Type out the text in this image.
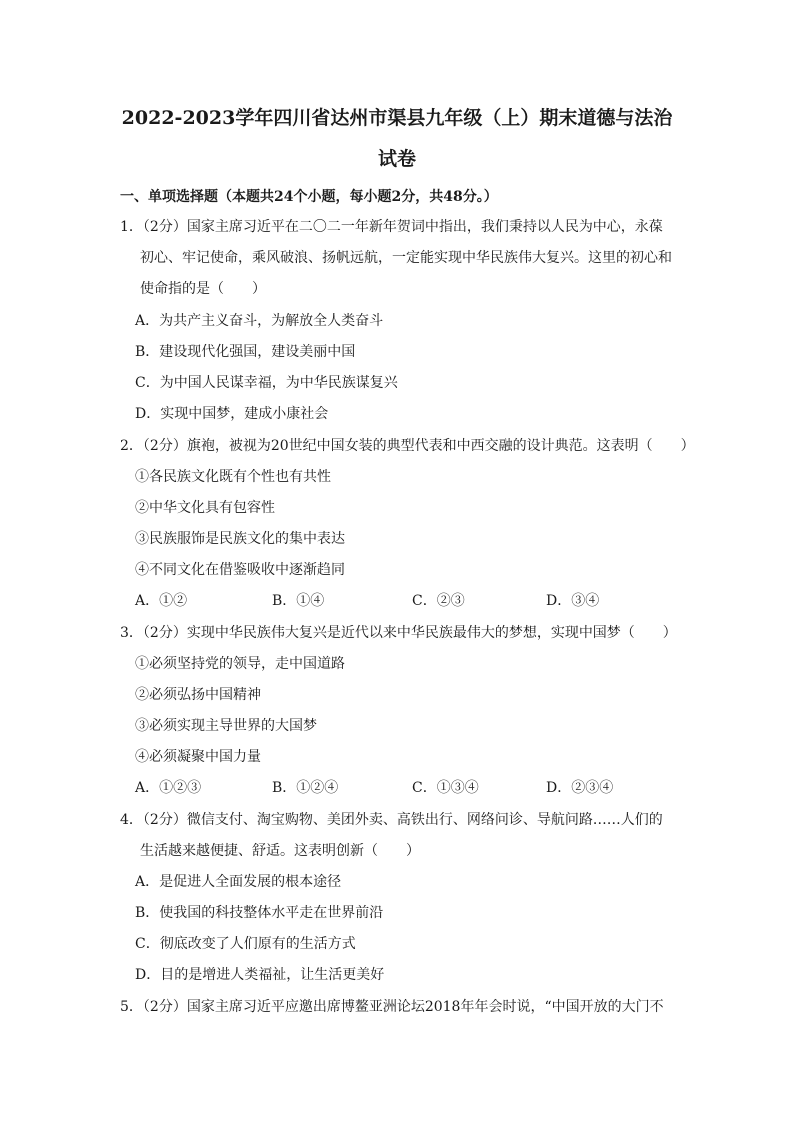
2022-2023学年四川省达州市渠县九年级（上）期末道德与法治
试卷
一、单项选择题（本题共24个小题，每小题2分，共48分。）
1．（2分）国家主席习近平在二〇二一年新年贺词中指出，我们秉持以人民为中心，永葆
初心、牢记使命，乘风破浪、扬帆远航，一定能实现中华民族伟大复兴。这里的初心和
使命指的是（　　）
A．为共产主义奋斗，为解放全人类奋斗
B．建设现代化强国，建设美丽中国
C．为中国人民谋幸福，为中华民族谋复兴
D．实现中国梦，建成小康社会
2．（2分）旗袍，被视为20世纪中国女装的典型代表和中西交融的设计典范。这表明（　　）
①各民族文化既有个性也有共性
②中华文化具有包容性
③民族服饰是民族文化的集中表达
④不同文化在借鉴吸收中逐渐趋同
A．①②	B．①④	C．②③	D．③④
3．（2分）实现中华民族伟大复兴是近代以来中华民族最伟大的梦想，实现中国梦（　　）
①必须坚持党的领导，走中国道路
②必须弘扬中国精神
③必须实现主导世界的大国梦
④必须凝聚中国力量
A．①②③	B．①②④	C．①③④	D．②③④
4．（2分）微信支付、淘宝购物、美团外卖、高铁出行、网络问诊、导航问路……人们的
生活越来越便捷、舒适。这表明创新（　　）
A．是促进人全面发展的根本途径
B．使我国的科技整体水平走在世界前沿
C．彻底改变了人们原有的生活方式
D．目的是增进人类福祉，让生活更美好
5．（2分）国家主席习近平应邀出席博鳌亚洲论坛2018年年会时说，“中国开放的大门不
